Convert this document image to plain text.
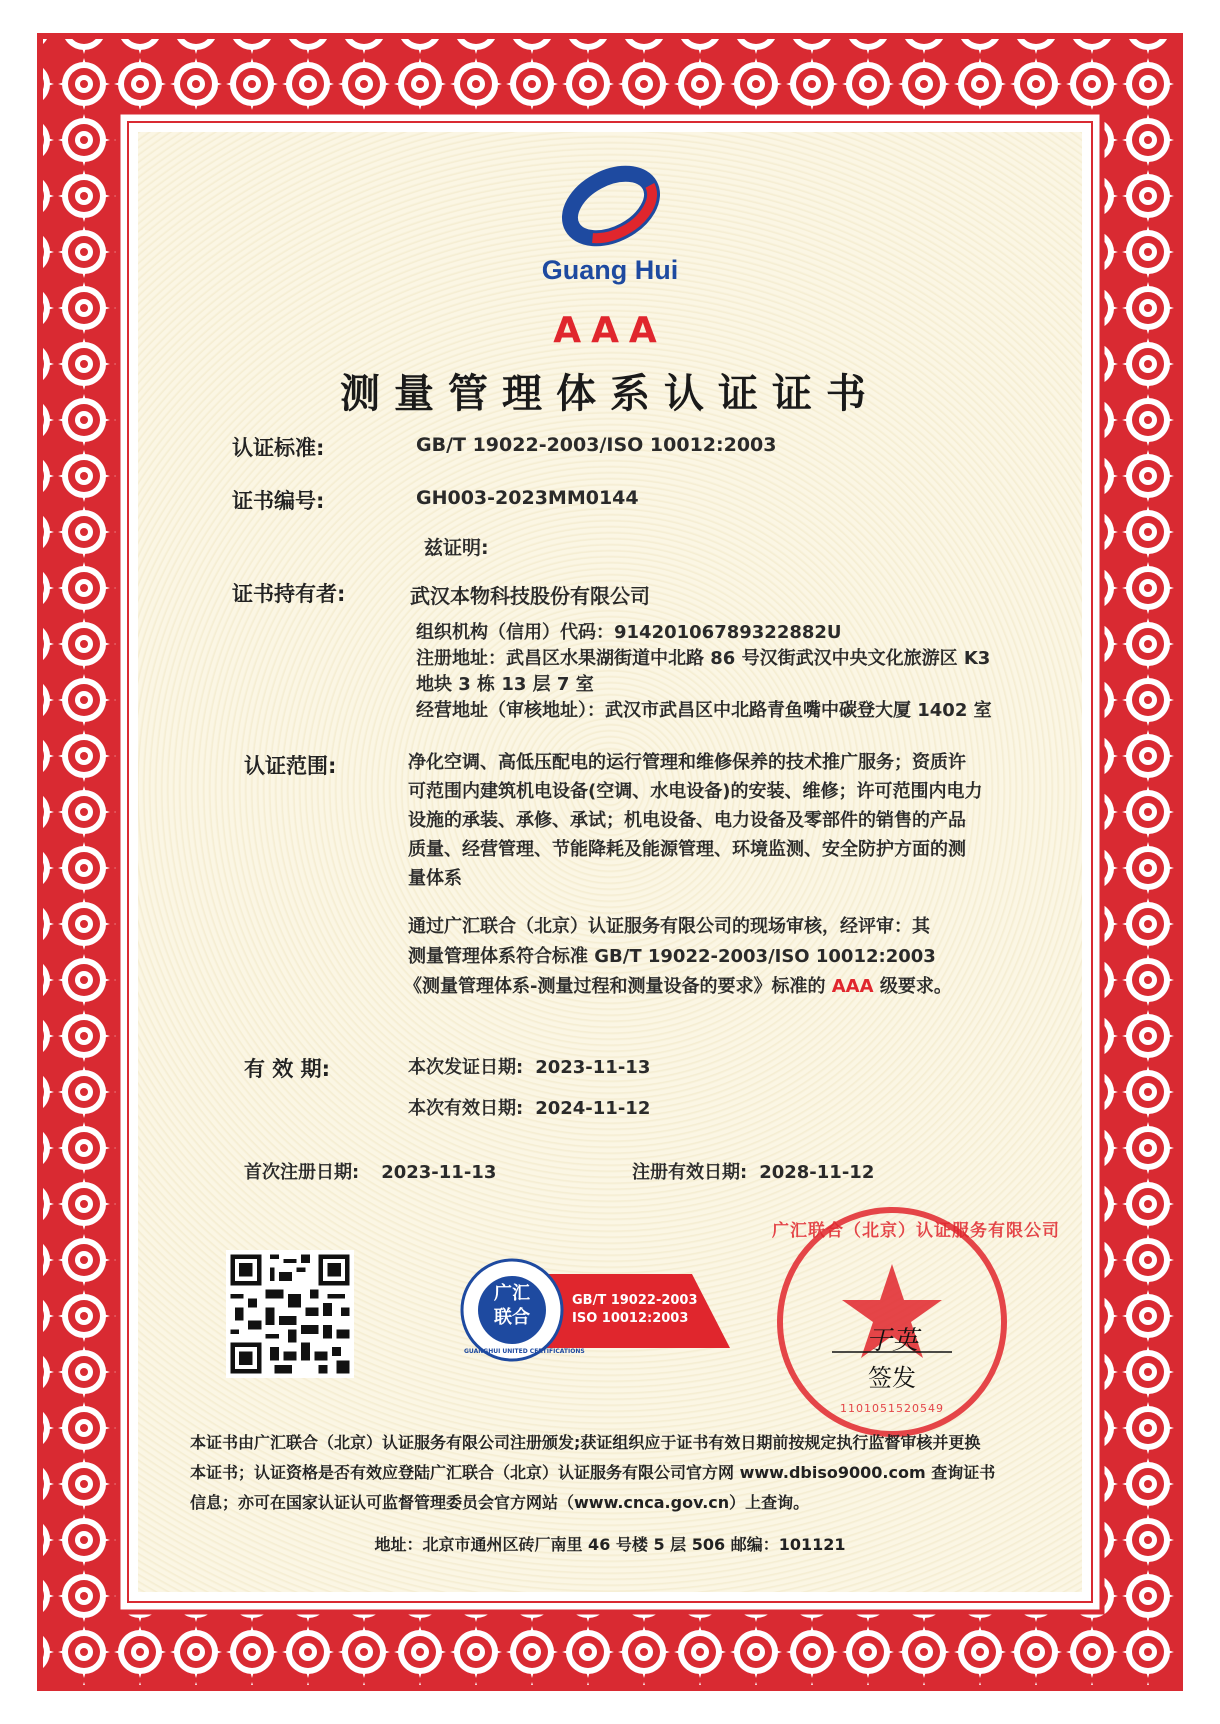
Guang Hui
AAA
测量管理体系认证证书
认证标准:	GB/T 19022-2003/ISO 10012:2003
证书编号:	GH003-2023MM0144
兹证明:
证书持有者:	武汉本物科技股份有限公司
组织机构（信用）代码：91420106789322882U
注册地址：武昌区水果湖街道中北路 86 号汉街武汉中央文化旅游区 K3
地块 3 栋 13 层 7 室
经营地址（审核地址）：武汉市武昌区中北路青鱼嘴中碳登大厦 1402 室
认证范围:	净化空调、高低压配电的运行管理和维修保养的技术推广服务；资质许
可范围内建筑机电设备(空调、水电设备)的安装、维修；许可范围内电力
设施的承装、承修、承试；机电设备、电力设备及零部件的销售的产品
质量、经营管理、节能降耗及能源管理、环境监测、安全防护方面的测
量体系
通过广汇联合（北京）认证服务有限公司的现场审核，经评审：其
测量管理体系符合标准 GB/T 19022-2003/ISO 10012:2003
《测量管理体系-测量过程和测量设备的要求》标准的 AAA 级要求。
有 效 期:	本次发证日期: 2023-11-13
本次有效日期: 2024-11-12
首次注册日期: 2023-11-13	注册有效日期: 2028-11-12
广汇
联合
GUANGHUI UNITED CERTIFICATIONS
GB/T 19022-2003
ISO 10012:2003
广汇联合（北京）认证服务有限公司
1101051520549
于英
签发
本证书由广汇联合（北京）认证服务有限公司注册颁发;获证组织应于证书有效日期前按规定执行监督审核并更换
本证书；认证资格是否有效应登陆广汇联合（北京）认证服务有限公司官方网 www.dbiso9000.com 查询证书
信息；亦可在国家认证认可监督管理委员会官方网站（www.cnca.gov.cn）上查询。
地址：北京市通州区砖厂南里 46 号楼 5 层 506 邮编：101121
